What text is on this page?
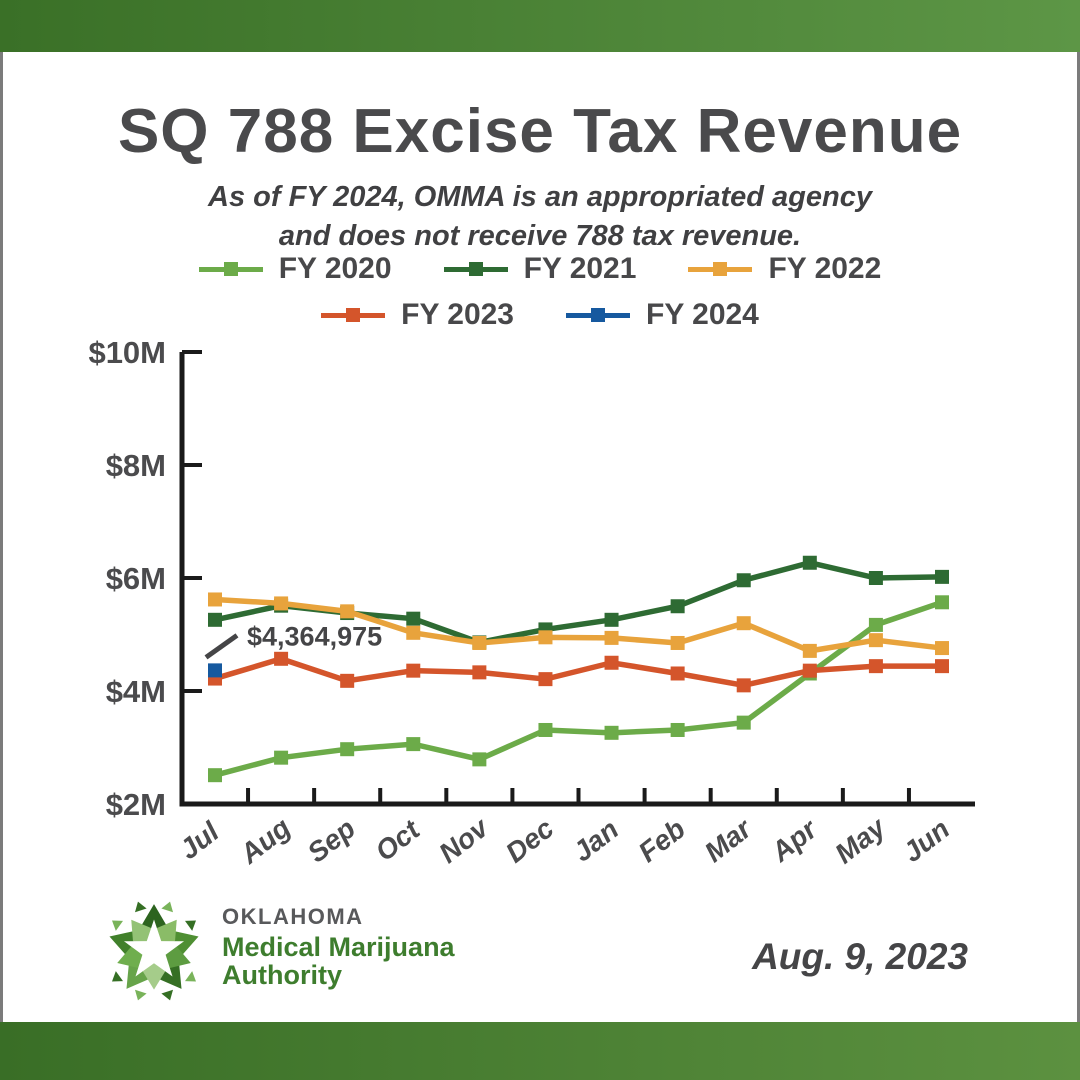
SQ 788 Excise Tax Revenue
As of FY 2024, OMMA is an appropriated agency
and does not receive 788 tax revenue.
FY 2020	FY 2021	FY 2022
FY 2023	FY 2024
$10M
$8M
$6M
$4M
$2M
Jul Aug Sep Oct Nov Dec Jan Feb Mar Apr May Jun
$4,364,975
OKLAHOMA
Medical Marijuana
Authority	Aug. 9, 2023
